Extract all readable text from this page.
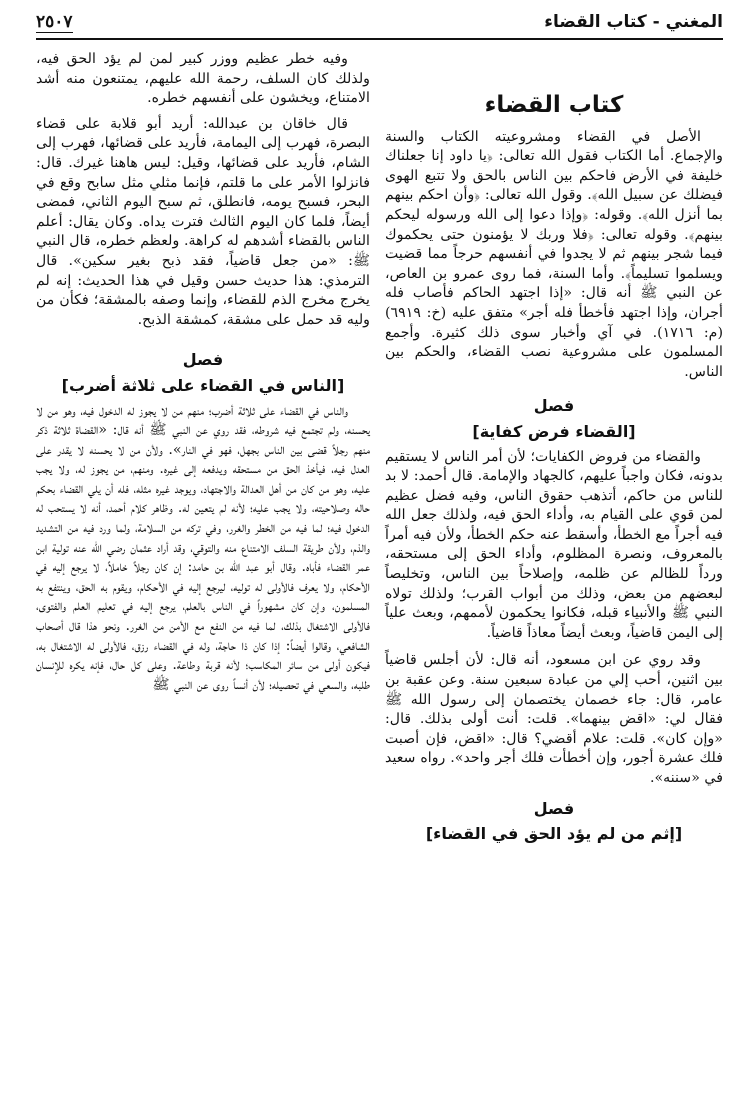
المغني - كتاب القضاء
٢٥٠٧
كتاب القضاء

الأصل في القضاء ومشروعيته الكتاب والسنة والإجماع. أما الكتاب فقول الله تعالى: ﴿يا داود إنا جعلناك خليفة في الأرض فاحكم بين الناس بالحق ولا تتبع الهوى فيضلك عن سبيل الله﴾. وقول الله تعالى: ﴿وأن احكم بينهم بما أنزل الله﴾. وقوله: ﴿وإذا دعوا إلى الله ورسوله ليحكم بينهم﴾. وقوله تعالى: ﴿فلا وربك لا يؤمنون حتى يحكموك فيما شجر بينهم ثم لا يجدوا في أنفسهم حرجاً مما قضيت ويسلموا تسليماً﴾. وأما السنة، فما روى عمرو بن العاص، عن النبي ﷺ أنه قال: «إذا اجتهد الحاكم فأصاب فله أجران، وإذا اجتهد فأخطأ فله أجر» متفق عليه (خ: ٦٩١٩) (م: ١٧١٦). في آي وأخبار سوى ذلك كثيرة. وأجمع المسلمون على مشروعية نصب القضاء، والحكم بين الناس.

فصل
[القضاء فرض كفاية]

والقضاء من فروض الكفايات؛ لأن أمر الناس لا يستقيم بدونه، فكان واجباً عليهم، كالجهاد والإمامة. قال أحمد: لا بد للناس من حاكم، أتذهب حقوق الناس، وفيه فضل عظيم لمن قوي على القيام به، وأداء الحق فيه، ولذلك جعل الله فيه أجراً مع الخطأ، وأسقط عنه حكم الخطأ، ولأن فيه أمراً بالمعروف، ونصرة المظلوم، وأداء الحق إلى مستحقه، ورداً للظالم عن ظلمه، وإصلاحاً بين الناس، وتخليصاً لبعضهم من بعض، وذلك من أبواب القرب؛ ولذلك تولاه النبي ﷺ والأنبياء قبله، فكانوا يحكمون لأممهم، وبعث علياً إلى اليمن قاضياً، وبعث أيضاً معاذاً قاضياً.

وقد روي عن ابن مسعود، أنه قال: لأن أجلس قاضياً بين اثنين، أحب إلي من عبادة سبعين سنة. وعن عقبة بن عامر، قال: جاء خصمان يختصمان إلى رسول الله ﷺ فقال لي: «اقض بينهما». قلت: أنت أولى بذلك. قال: «وإن كان». قلت: علام أقضي؟ قال: «اقض، فإن أصبت فلك عشرة أجور، وإن أخطأت فلك أجر واحد». رواه سعيد في «سننه».

فصل
[إثم من لم يؤد الحق في القضاء]

وفيه خطر عظيم ووزر كبير لمن لم يؤد الحق فيه، ولذلك كان السلف، رحمة الله عليهم، يمتنعون منه أشد الامتناع، ويخشون على أنفسهم خطره.

قال خاقان بن عبدالله: أريد أبو قلابة على قضاء البصرة، فهرب إلى اليمامة، فأريد على قضائها، فهرب إلى الشام، فأريد على قضائها، وقيل: ليس هاهنا غيرك. قال: فانزلوا الأمر على ما قلتم، فإنما مثلي مثل سابح وقع في البحر، فسبح يومه، فانطلق، ثم سبح اليوم الثاني، فمضى أيضاً، فلما كان اليوم الثالث فترت يداه. وكان يقال: أعلم الناس بالقضاء أشدهم له كراهة. ولعظم خطره، قال النبي ﷺ: «من جعل قاضياً، فقد ذبح بغير سكين». قال الترمذي: هذا حديث حسن وقيل في هذا الحديث: إنه لم يخرج مخرج الذم للقضاء، وإنما وصفه بالمشقة؛ فكأن من وليه قد حمل على مشقة، كمشقة الذبح.

فصل
[الناس في القضاء على ثلاثة أضرب]

والناس في القضاء على ثلاثة أضرب؛ منهم من لا يجوز له الدخول فيه، وهو من لا يحسنه، ولم تجتمع فيه شروطه، فقد روي عن النبي ﷺ أنه قال: «القضاة ثلاثة ذكر منهم رجلاً قضى بين الناس بجهل، فهو في النار». ولأن من لا يحسنه لا يقدر على العدل فيه، فيأخذ الحق من مستحقه ويدفعه إلى غيره. ومنهم، من يجوز له، ولا يجب عليه، وهو من كان من أهل العدالة والاجتهاد، ويوجد غيره مثله، فله أن يلي القضاء بحكم حاله وصلاحيته، ولا يجب عليه؛ لأنه لم يتعين له. وظاهر كلام أحمد، أنه لا يستحب له الدخول فيه؛ لما فيه من الخطر والغرر، وفي تركه من السلامة، ولما ورد فيه من التشديد والذم، ولأن طريقة السلف الامتناع منه والتوقي، وقد أراد عثمان رضي الله عنه تولية ابن عمر القضاء فأباه. وقال أبو عبد الله بن حامد: إن كان رجلاً خاملاً، لا يرجع إليه في الأحكام، ولا يعرف فالأولى له توليه، ليرجع إليه في الأحكام، ويقوم به الحق، وينتفع به المسلمون، وإن كان مشهوراً في الناس بالعلم، يرجع إليه في تعليم العلم والفتوى، فالأولى الاشتغال بذلك، لما فيه من النفع مع الأمن من الغرر. ونحو هذا قال أصحاب الشافعي، وقالوا أيضاً: إذا كان ذا حاجة، وله في القضاء رزق، فالأولى له الاشتغال به، فيكون أولى من سائر المكاسب؛ لأنه قربة وطاعة. وعلى كل حال، فإنه يكره للإنسان طلبه، والسعي في تحصيله؛ لأن أنساً روى عن النبي ﷺ
